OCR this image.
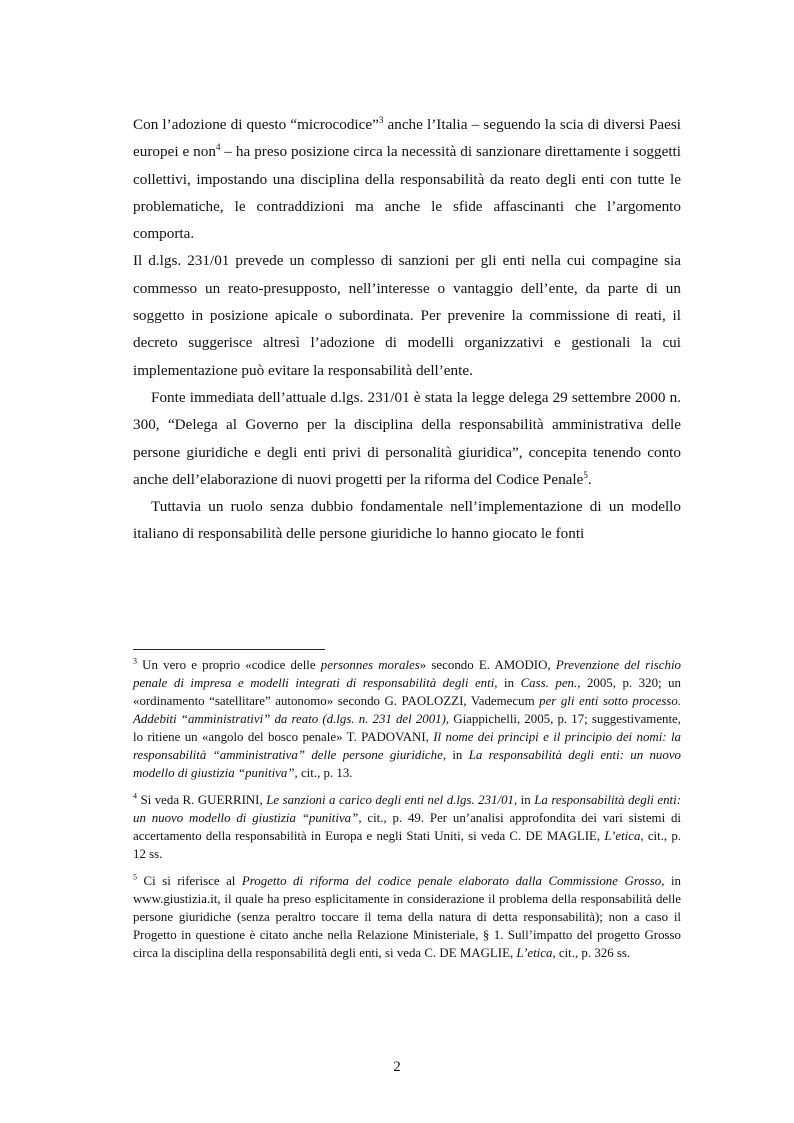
Con l’adozione di questo “microcodice”$^3$ anche l’Italia – seguendo la scia di diversi Paesi europei e non$^4$ – ha preso posizione circa la necessità di sanzionare direttamente i soggetti collettivi, impostando una disciplina della responsabilità da reato degli enti con tutte le problematiche, le contraddizioni ma anche le sfide affascinanti che l’argomento comporta.

Il d.lgs. 231/01 prevede un complesso di sanzioni per gli enti nella cui compagine sia commesso un reato-presupposto, nell’interesse o vantaggio dell’ente, da parte di un soggetto in posizione apicale o subordinata. Per prevenire la commissione di reati, il decreto suggerisce altresì l’adozione di modelli organizzativi e gestionali la cui implementazione può evitare la responsabilità dell’ente.

Fonte immediata dell’attuale d.lgs. 231/01 è stata la legge delega 29 settembre 2000 n. 300, “Delega al Governo per la disciplina della responsabilità amministrativa delle persone giuridiche e degli enti privi di personalità giuridica”, concepita tenendo conto anche dell’elaborazione di nuovi progetti per la riforma del Codice Penale$^5$.

Tuttavia un ruolo senza dubbio fondamentale nell’implementazione di un modello italiano di responsabilità delle persone giuridiche lo hanno giocato le fonti

$^3$ Un vero e proprio «codice delle personnes morales» secondo E. AMODIO, Prevenzione del rischio penale di impresa e modelli integrati di responsabilità degli enti, in Cass. pen., 2005, p. 320; un «ordinamento “satellitare” autonomo» secondo G. PAOLOZZI, Vademecum per gli enti sotto processo. Addebiti “amministrativi” da reato (d.lgs. n. 231 del 2001), Giappichelli, 2005, p. 17; suggestivamente, lo ritiene un «angolo del bosco penale» T. PADOVANI, Il nome dei principi e il principio dei nomi: la responsabilità “amministrativa” delle persone giuridiche, in La responsabilità degli enti: un nuovo modello di giustizia “punitiva”, cit., p. 13.

$^4$ Si veda R. GUERRINI, Le sanzioni a carico degli enti nel d.lgs. 231/01, in La responsabilità degli enti: un nuovo modello di giustizia “punitiva”, cit., p. 49. Per un’analisi approfondita dei vari sistemi di accertamento della responsabilità in Europa e negli Stati Uniti, si veda C. DE MAGLIE, L’etica, cit., p. 12 ss.

$^5$ Ci si riferisce al Progetto di riforma del codice penale elaborato dalla Commissione Grosso, in www.giustizia.it, il quale ha preso esplicitamente in considerazione il problema della responsabilità delle persone giuridiche (senza peraltro toccare il tema della natura di detta responsabilità); non a caso il Progetto in questione è citato anche nella Relazione Ministeriale, § 1. Sull’impatto del progetto Grosso circa la disciplina della responsabilità degli enti, si veda C. DE MAGLIE, L’etica, cit., p. 326 ss.

2
